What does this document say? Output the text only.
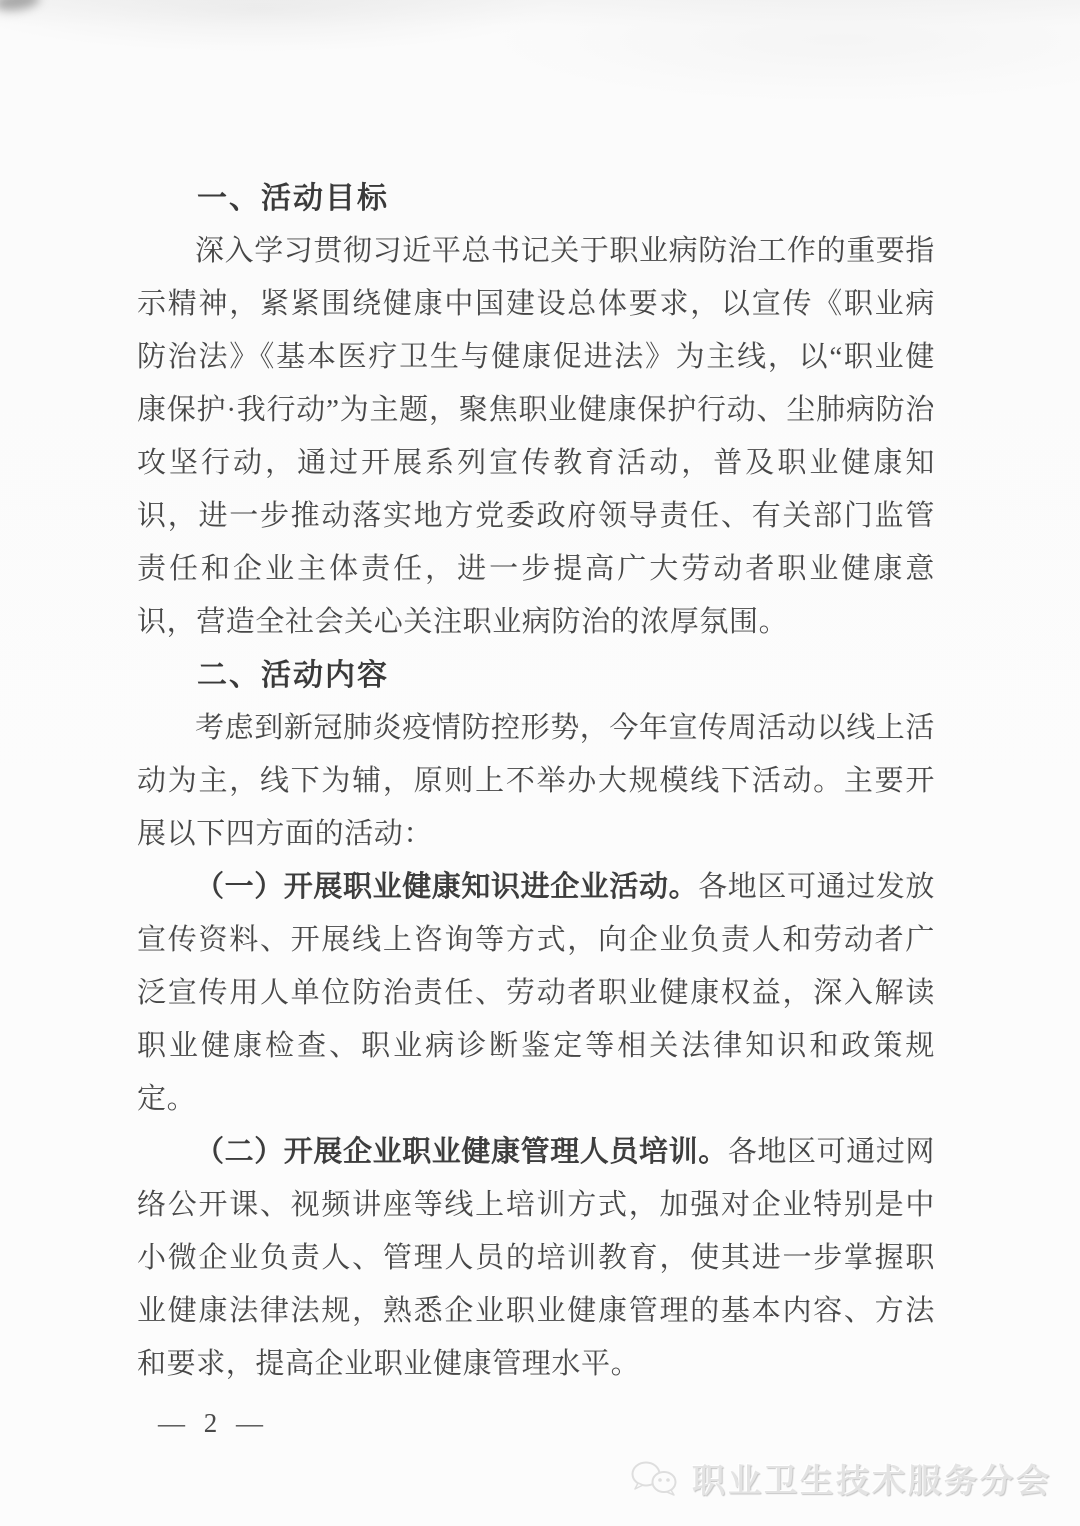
一、活动目标

深入学习贯彻习近平总书记关于职业病防治工作的重要指示精神，紧紧围绕健康中国建设总体要求，以宣传《职业病防治法》《基本医疗卫生与健康促进法》为主线，以“职业健康保护·我行动”为主题，聚焦职业健康保护行动、尘肺病防治攻坚行动，通过开展系列宣传教育活动，普及职业健康知识，进一步推动落实地方党委政府领导责任、有关部门监管责任和企业主体责任，进一步提高广大劳动者职业健康意识，营造全社会关心关注职业病防治的浓厚氛围。

二、活动内容

考虑到新冠肺炎疫情防控形势，今年宣传周活动以线上活动为主，线下为辅，原则上不举办大规模线下活动。主要开展以下四方面的活动：

（一）开展职业健康知识进企业活动。各地区可通过发放宣传资料、开展线上咨询等方式，向企业负责人和劳动者广泛宣传用人单位防治责任、劳动者职业健康权益，深入解读职业健康检查、职业病诊断鉴定等相关法律知识和政策规定。

（二）开展企业职业健康管理人员培训。各地区可通过网络公开课、视频讲座等线上培训方式，加强对企业特别是中小微企业负责人、管理人员的培训教育，使其进一步掌握职业健康法律法规，熟悉企业职业健康管理的基本内容、方法和要求，提高企业职业健康管理水平。

— 2 —
职业卫生技术服务分会
